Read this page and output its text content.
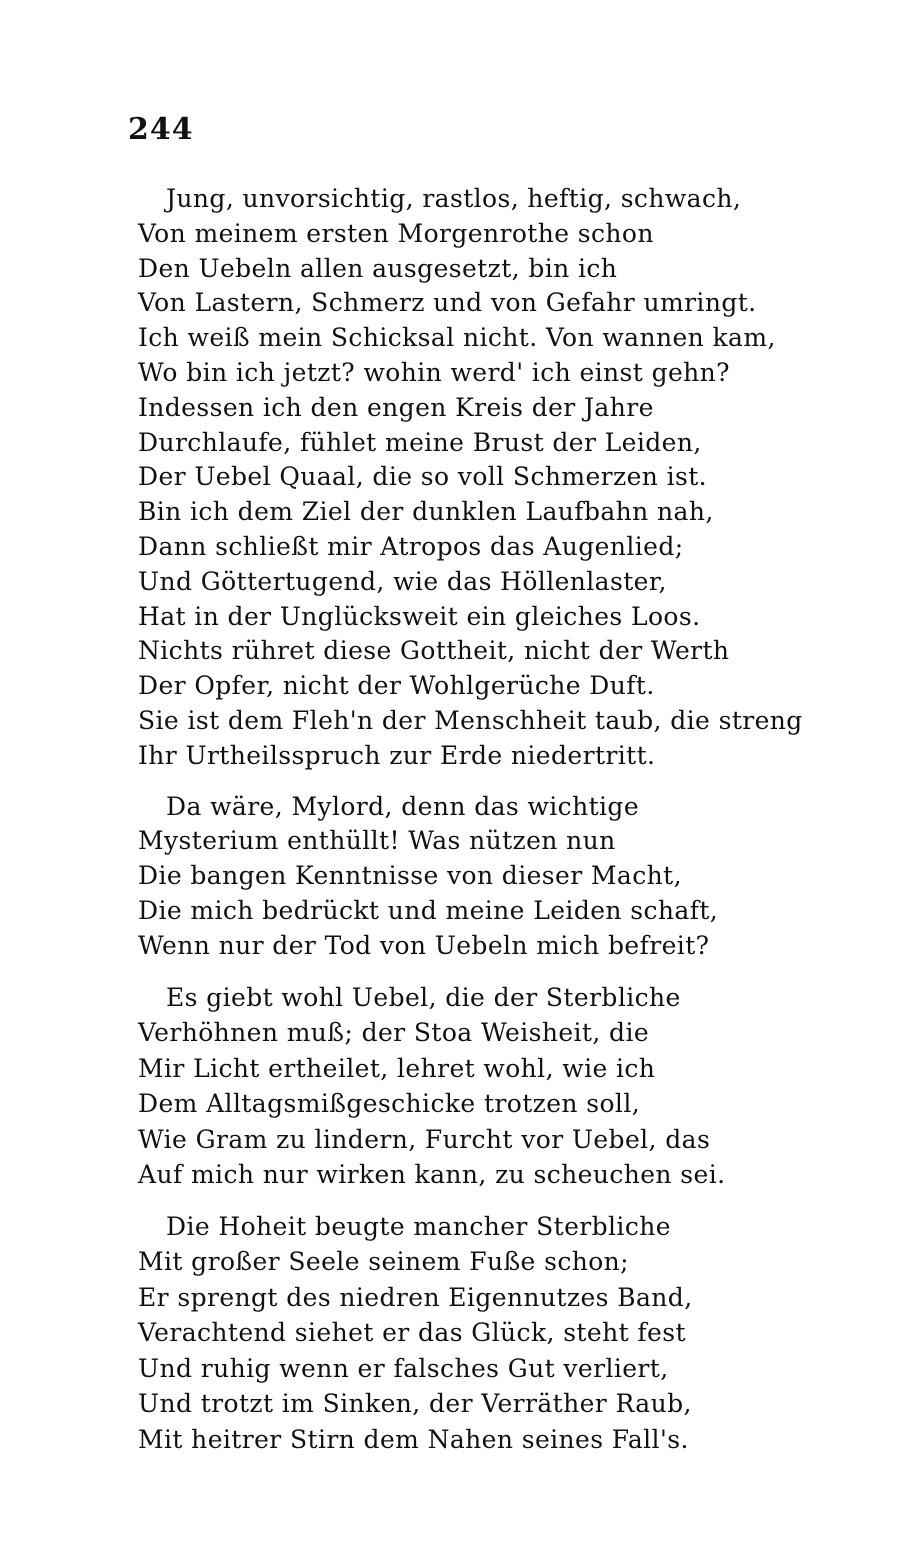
244
Jung, unvorsichtig, rastlos, heftig, schwach,
Von meinem ersten Morgenrothe schon
Den Uebeln allen ausgesetzt, bin ich
Von Lastern, Schmerz und von Gefahr umringt.
Ich weiß mein Schicksal nicht. Von wannen kam,
Wo bin ich jetzt? wohin werd' ich einst gehn?
Indessen ich den engen Kreis der Jahre
Durchlaufe, fühlet meine Brust der Leiden,
Der Uebel Quaal, die so voll Schmerzen ist.
Bin ich dem Ziel der dunklen Laufbahn nah,
Dann schließt mir Atropos das Augenlied;
Und Göttertugend, wie das Höllenlaster,
Hat in der Unglücksweit ein gleiches Loos.
Nichts rühret diese Gottheit, nicht der Werth
Der Opfer, nicht der Wohlgerüche Duft.
Sie ist dem Fleh'n der Menschheit taub, die streng
Ihr Urtheilsspruch zur Erde niedertritt.
Da wäre, Mylord, denn das wichtige
Mysterium enthüllt! Was nützen nun
Die bangen Kenntnisse von dieser Macht,
Die mich bedrückt und meine Leiden schaft,
Wenn nur der Tod von Uebeln mich befreit?
Es giebt wohl Uebel, die der Sterbliche
Verhöhnen muß; der Stoa Weisheit, die
Mir Licht ertheilet, lehret wohl, wie ich
Dem Alltagsmißgeschicke trotzen soll,
Wie Gram zu lindern, Furcht vor Uebel, das
Auf mich nur wirken kann, zu scheuchen sei.
Die Hoheit beugte mancher Sterbliche
Mit großer Seele seinem Fuße schon;
Er sprengt des niedren Eigennutzes Band,
Verachtend siehet er das Glück, steht fest
Und ruhig wenn er falsches Gut verliert,
Und trotzt im Sinken, der Verräther Raub,
Mit heitrer Stirn dem Nahen seines Fall's.
